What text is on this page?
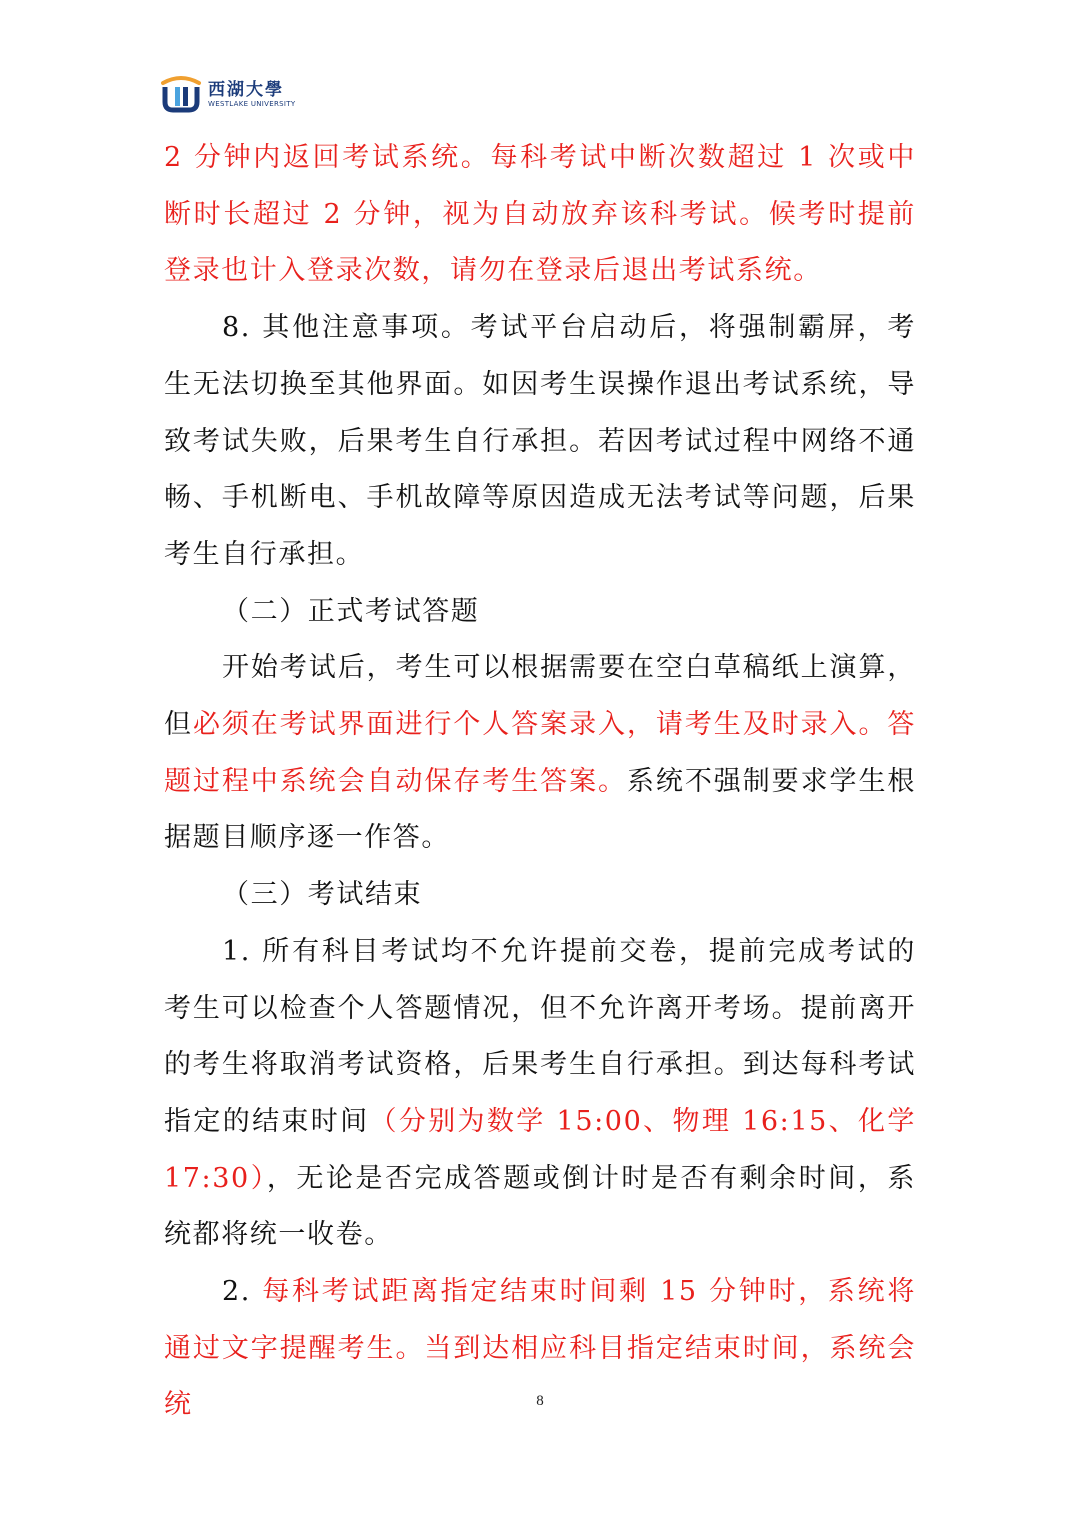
西湖大學
WESTLAKE UNIVERSITY

2 分钟内返回考试系统。每科考试中断次数超过 1 次或中断时长超过 2 分钟，视为自动放弃该科考试。候考时提前登录也计入登录次数，请勿在登录后退出考试系统。

8. 其他注意事项。考试平台启动后，将强制霸屏，考生无法切换至其他界面。如因考生误操作退出考试系统，导致考试失败，后果考生自行承担。若因考试过程中网络不通畅、手机断电、手机故障等原因造成无法考试等问题，后果考生自行承担。

（二）正式考试答题

开始考试后，考生可以根据需要在空白草稿纸上演算，但必须在考试界面进行个人答案录入，请考生及时录入。答题过程中系统会自动保存考生答案。系统不强制要求学生根据题目顺序逐一作答。

（三）考试结束

1. 所有科目考试均不允许提前交卷，提前完成考试的考生可以检查个人答题情况，但不允许离开考场。提前离开的考生将取消考试资格，后果考生自行承担。到达每科考试指定的结束时间（分别为数学 15:00、物理 16:15、化学 17:30），无论是否完成答题或倒计时是否有剩余时间，系统都将统一收卷。

2. 每科考试距离指定结束时间剩 15 分钟时，系统将通过文字提醒考生。当到达相应科目指定结束时间，系统会统	8
